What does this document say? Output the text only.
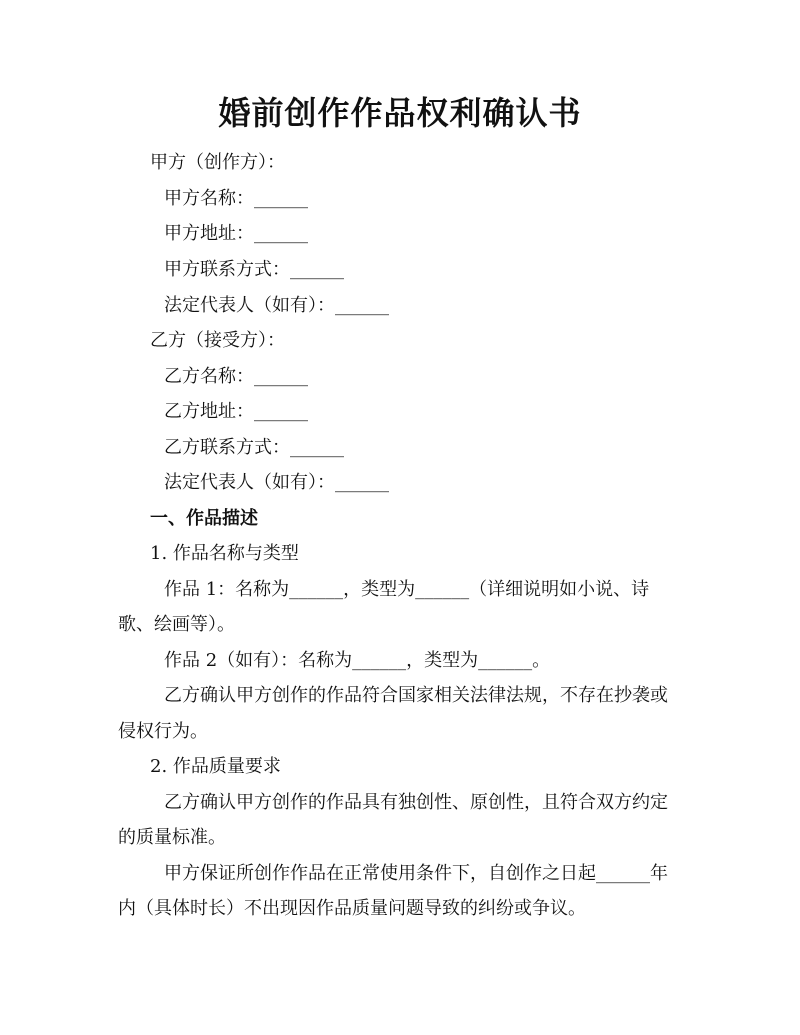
婚前创作作品权利确认书
甲方（创作方）：
甲方名称：______
甲方地址：______
甲方联系方式：______
法定代表人（如有）：______
乙方（接受方）：
乙方名称：______
乙方地址：______
乙方联系方式：______
法定代表人（如有）：______
一、作品描述
1. 作品名称与类型
作品 1：名称为______，类型为______（详细说明如小说、诗
歌、绘画等）。
作品 2（如有）：名称为______，类型为______。
乙方确认甲方创作的作品符合国家相关法律法规，不存在抄袭或
侵权行为。
2. 作品质量要求
乙方确认甲方创作的作品具有独创性、原创性，且符合双方约定
的质量标准。
甲方保证所创作作品在正常使用条件下，自创作之日起______年
内（具体时长）不出现因作品质量问题导致的纠纷或争议。
